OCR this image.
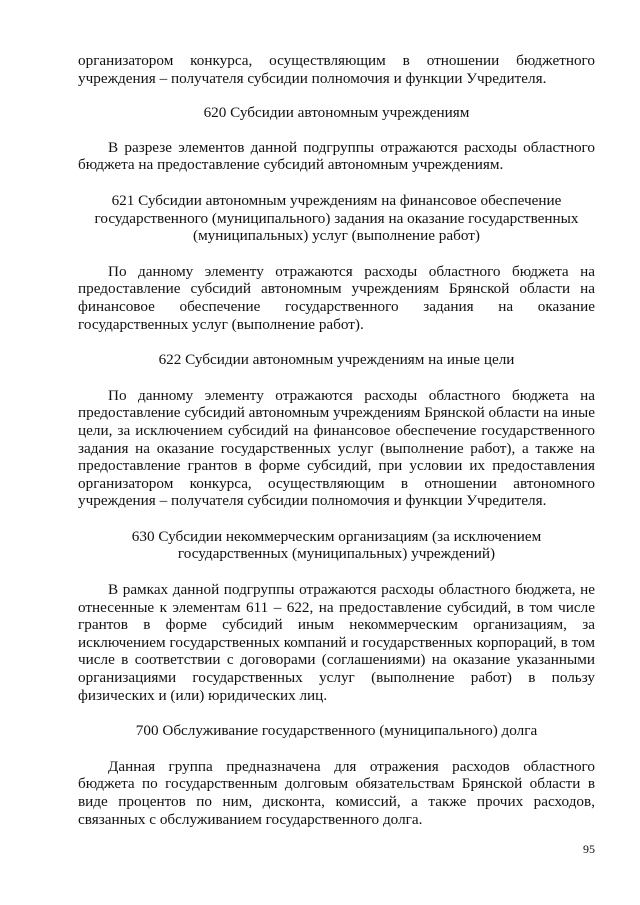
организатором конкурса, осуществляющим в отношении бюджетного учреждения – получателя субсидии полномочия и функции Учредителя.

620 Субсидии автономным учреждениям

В разрезе элементов данной подгруппы отражаются расходы областного бюджета на предоставление субсидий автономным учреждениям.

621 Субсидии автономным учреждениям на финансовое обеспечение государственного (муниципального) задания на оказание государственных (муниципальных) услуг (выполнение работ)

По данному элементу отражаются расходы областного бюджета на предоставление субсидий автономным учреждениям Брянской области на финансовое обеспечение государственного задания на оказание государственных услуг (выполнение работ).

622 Субсидии автономным учреждениям на иные цели

По данному элементу отражаются расходы областного бюджета на предоставление субсидий автономным учреждениям Брянской области на иные цели, за исключением субсидий на финансовое обеспечение государственного задания на оказание государственных услуг (выполнение работ), а также на предоставление грантов в форме субсидий, при условии их предоставления организатором конкурса, осуществляющим в отношении автономного учреждения – получателя субсидии полномочия и функции Учредителя.

630 Субсидии некоммерческим организациям (за исключением государственных (муниципальных) учреждений)

В рамках данной подгруппы отражаются расходы областного бюджета, не отнесенные к элементам 611 – 622, на предоставление субсидий, в том числе грантов в форме субсидий иным некоммерческим организациям, за исключением государственных компаний и государственных корпораций, в том числе в соответствии с договорами (соглашениями) на оказание указанными организациями государственных услуг (выполнение работ) в пользу физических и (или) юридических лиц.

700 Обслуживание государственного (муниципального) долга

Данная группа предназначена для отражения расходов областного бюджета по государственным долговым обязательствам Брянской области в виде процентов по ним, дисконта, комиссий, а также прочих расходов, связанных с обслуживанием государственного долга.

95
